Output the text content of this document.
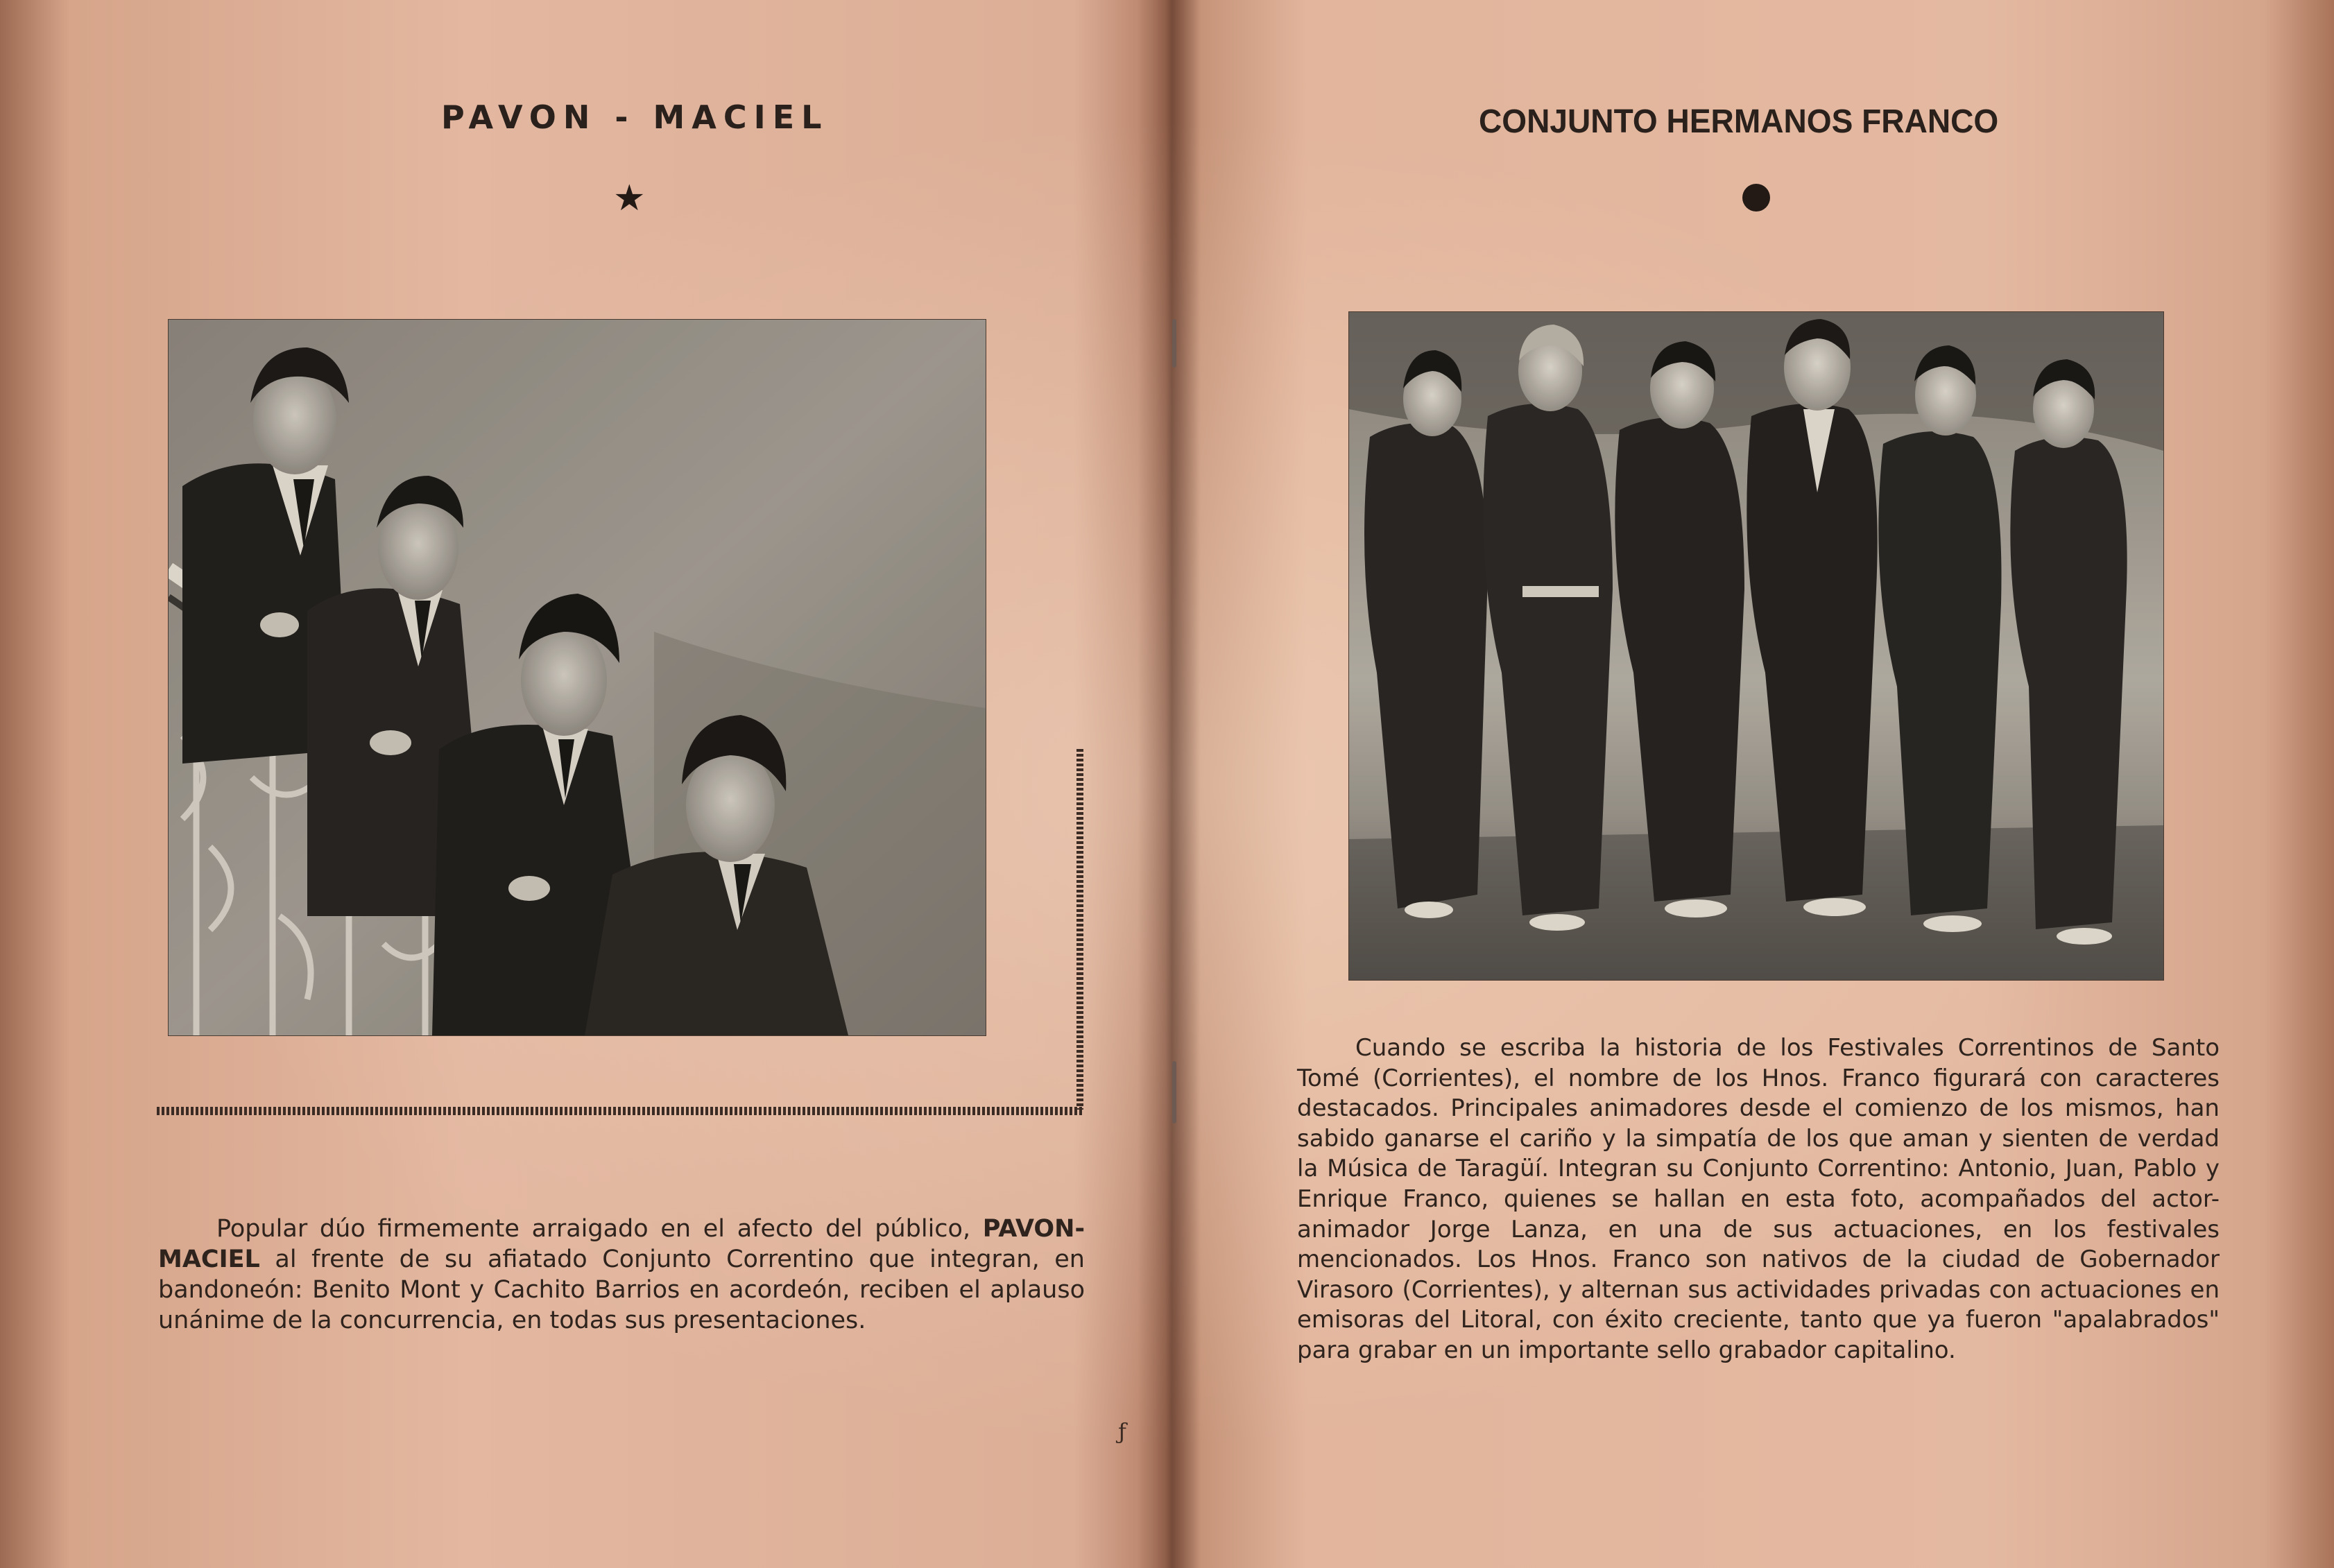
PAVON - MACIEL
★

Popular dúo firmemente arraigado en el afecto del público, PAVON-MACIEL al frente de su afiatado Conjunto Correntino que integran, en bandoneón: Benito Mont y Cachito Barrios en acordeón, reciben el aplauso unánime de la concurrencia, en todas sus presentaciones.

ƒ
CONJUNTO HERMANOS FRANCO

Cuando se escriba la historia de los Festivales Correntinos de Santo Tomé (Corrientes), el nombre de los Hnos. Franco figurará con caracteres destacados. Principales animadores desde el comienzo de los mismos, han sabido ganarse el cariño y la simpatía de los que aman y sienten de verdad la Música de Taragüí. Integran su Conjunto Correntino: Antonio, Juan, Pablo y Enrique Franco, quienes se hallan en esta foto, acompañados del actor-animador Jorge Lanza, en una de sus actuaciones, en los festivales mencionados. Los Hnos. Franco son nativos de la ciudad de Gobernador Virasoro (Corrientes), y alternan sus actividades privadas con actuaciones en emisoras del Litoral, con éxito creciente, tanto que ya fueron "apalabrados" para grabar en un importante sello grabador capitalino.
